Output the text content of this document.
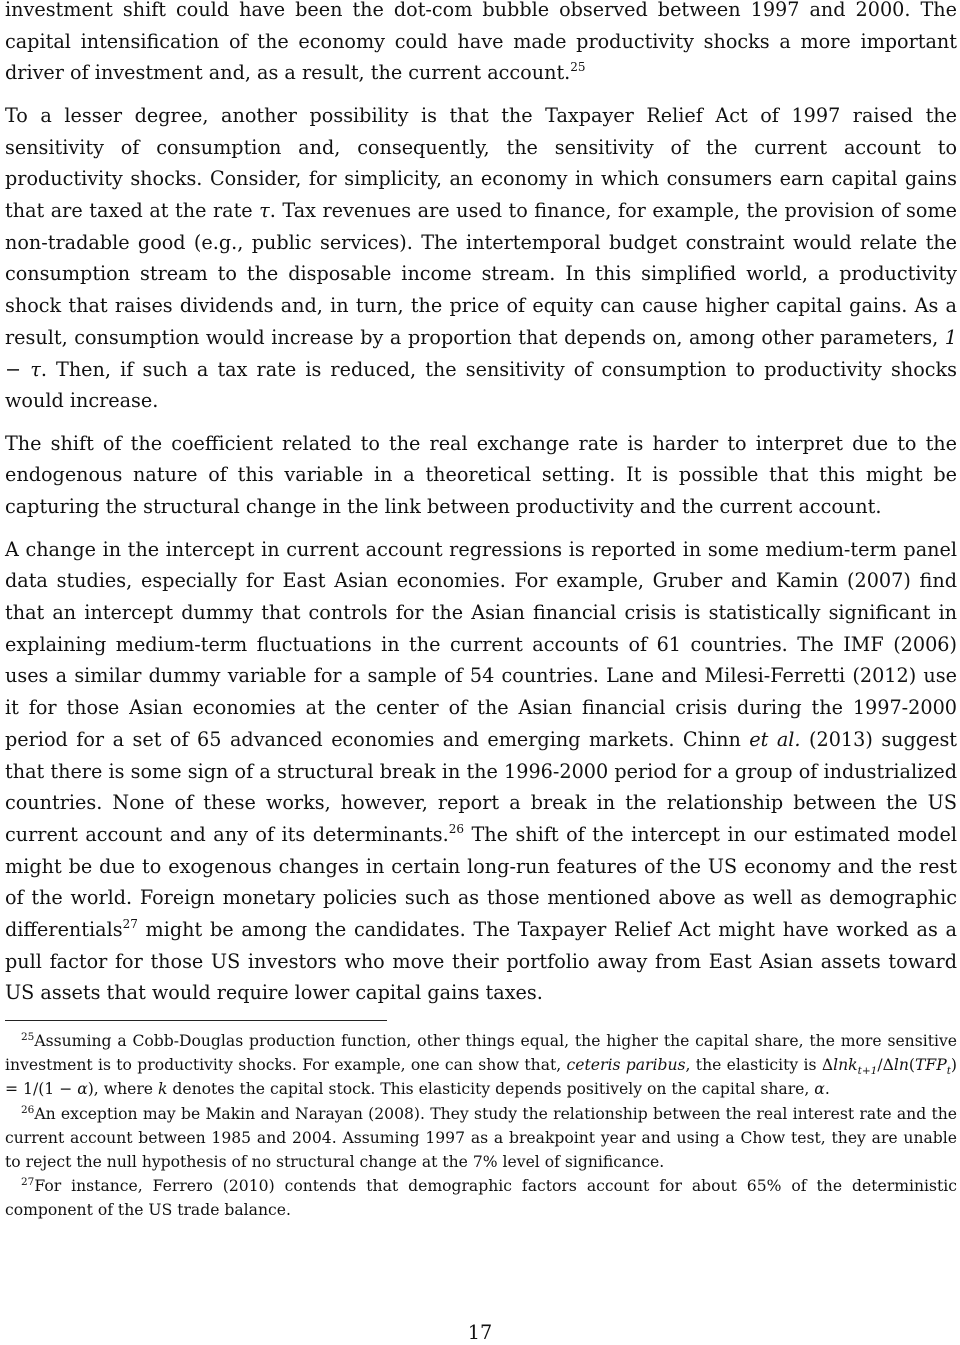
investment shift could have been the dot-com bubble observed between 1997 and 2000. The capital intensification of the economy could have made productivity shocks a more important driver of investment and, as a result, the current account.$^{25}$

To a lesser degree, another possibility is that the Taxpayer Relief Act of 1997 raised the sensitivity of consumption and, consequently, the sensitivity of the current account to productivity shocks. Consider, for simplicity, an economy in which consumers earn capital gains that are taxed at the rate τ. Tax revenues are used to finance, for example, the provision of some non-tradable good (e.g., public services). The intertemporal budget constraint would relate the consumption stream to the disposable income stream. In this simplified world, a productivity shock that raises dividends and, in turn, the price of equity can cause higher capital gains. As a result, consumption would increase by a proportion that depends on, among other parameters, 1 − τ. Then, if such a tax rate is reduced, the sensitivity of consumption to productivity shocks would increase.

The shift of the coefficient related to the real exchange rate is harder to interpret due to the endogenous nature of this variable in a theoretical setting. It is possible that this might be capturing the structural change in the link between productivity and the current account.

A change in the intercept in current account regressions is reported in some medium-term panel data studies, especially for East Asian economies. For example, Gruber and Kamin (2007) find that an intercept dummy that controls for the Asian financial crisis is statistically significant in explaining medium-term fluctuations in the current accounts of 61 countries. The IMF (2006) uses a similar dummy variable for a sample of 54 countries. Lane and Milesi-Ferretti (2012) use it for those Asian economies at the center of the Asian financial crisis during the 1997-2000 period for a set of 65 advanced economies and emerging markets. Chinn et al. (2013) suggest that there is some sign of a structural break in the 1996-2000 period for a group of industrialized countries. None of these works, however, report a break in the relationship between the US current account and any of its determinants.$^{26}$ The shift of the intercept in our estimated model might be due to exogenous changes in certain long-run features of the US economy and the rest of the world. Foreign monetary policies such as those mentioned above as well as demographic differentials$^{27}$ might be among the candidates. The Taxpayer Relief Act might have worked as a pull factor for those US investors who move their portfolio away from East Asian assets toward US assets that would require lower capital gains taxes.

$^{25}$Assuming a Cobb-Douglas production function, other things equal, the higher the capital share, the more sensitive investment is to productivity shocks. For example, one can show that, ceteris paribus, the elasticity is $\Delta\ln k_{t+1}/\Delta\ln(TFP_t) = 1/(1 - \alpha)$, where k denotes the capital stock. This elasticity depends positively on the capital share, α.

$^{26}$An exception may be Makin and Narayan (2008). They study the relationship between the real interest rate and the current account between 1985 and 2004. Assuming 1997 as a breakpoint year and using a Chow test, they are unable to reject the null hypothesis of no structural change at the 7% level of significance.

$^{27}$For instance, Ferrero (2010) contends that demographic factors account for about 65% of the deterministic component of the US trade balance.

17
